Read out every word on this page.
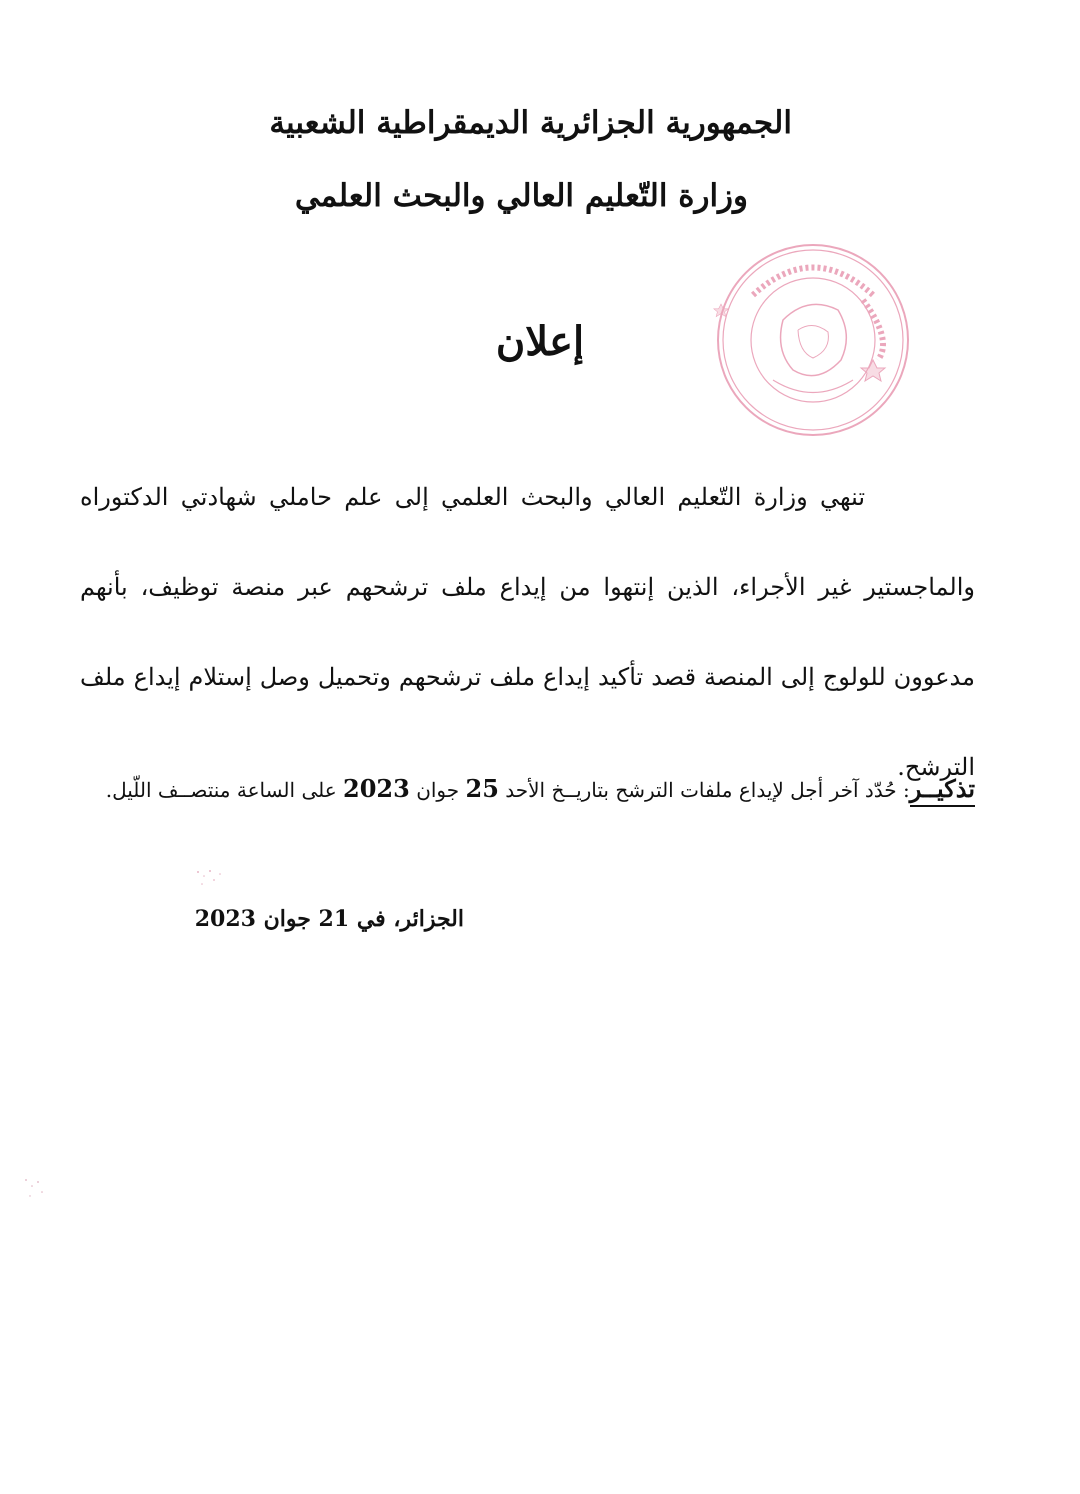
الجمهورية الجزائرية الديمقراطية الشعبية
وزارة التّعليم العالي والبحث العلمي
إعلان
تنهي وزارة التّعليم العالي والبحث العلمي إلى علم حاملي شهادتي الدكتوراه والماجستير غير الأجراء، الذين إنتهوا من إيداع ملف ترشحهم عبر منصة توظيف، بأنهم مدعوون للولوج إلى المنصة قصد تأكيد إيداع ملف ترشحهم وتحميل وصل إستلام إيداع ملف الترشح.
تذكيــر: حُدّد آخر أجل لإيداع ملفات الترشح بتاريــخ الأحد 25 جوان 2023 على الساعة منتصــف اللّيل.
الجزائر، في 21 جوان 2023
